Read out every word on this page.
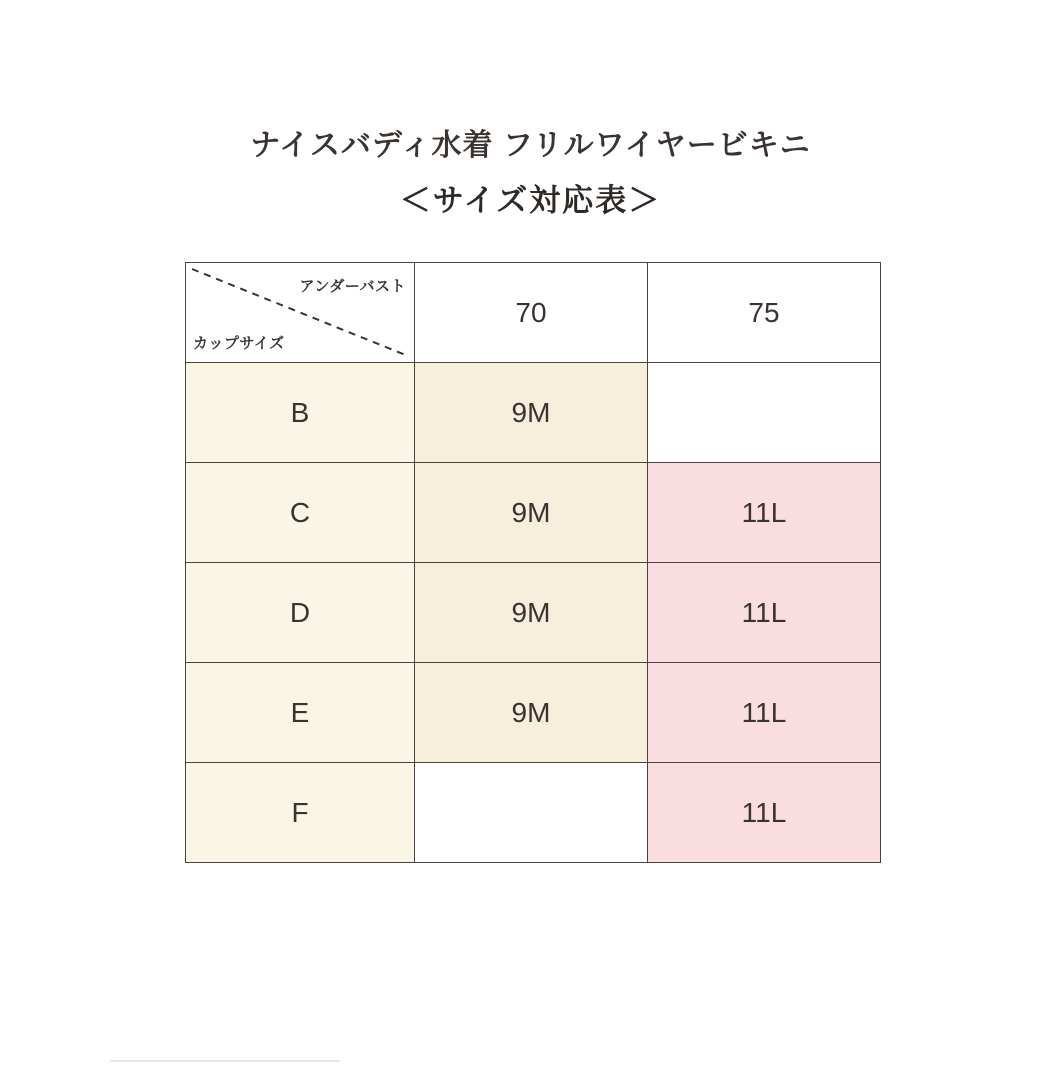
ナイスバディ水着 フリルワイヤービキニ
＜サイズ対応表＞
アンダーバスト
カップサイズ	70	75
B	9M	
C	9M	11L
D	9M	11L
E	9M	11L
F		11L
